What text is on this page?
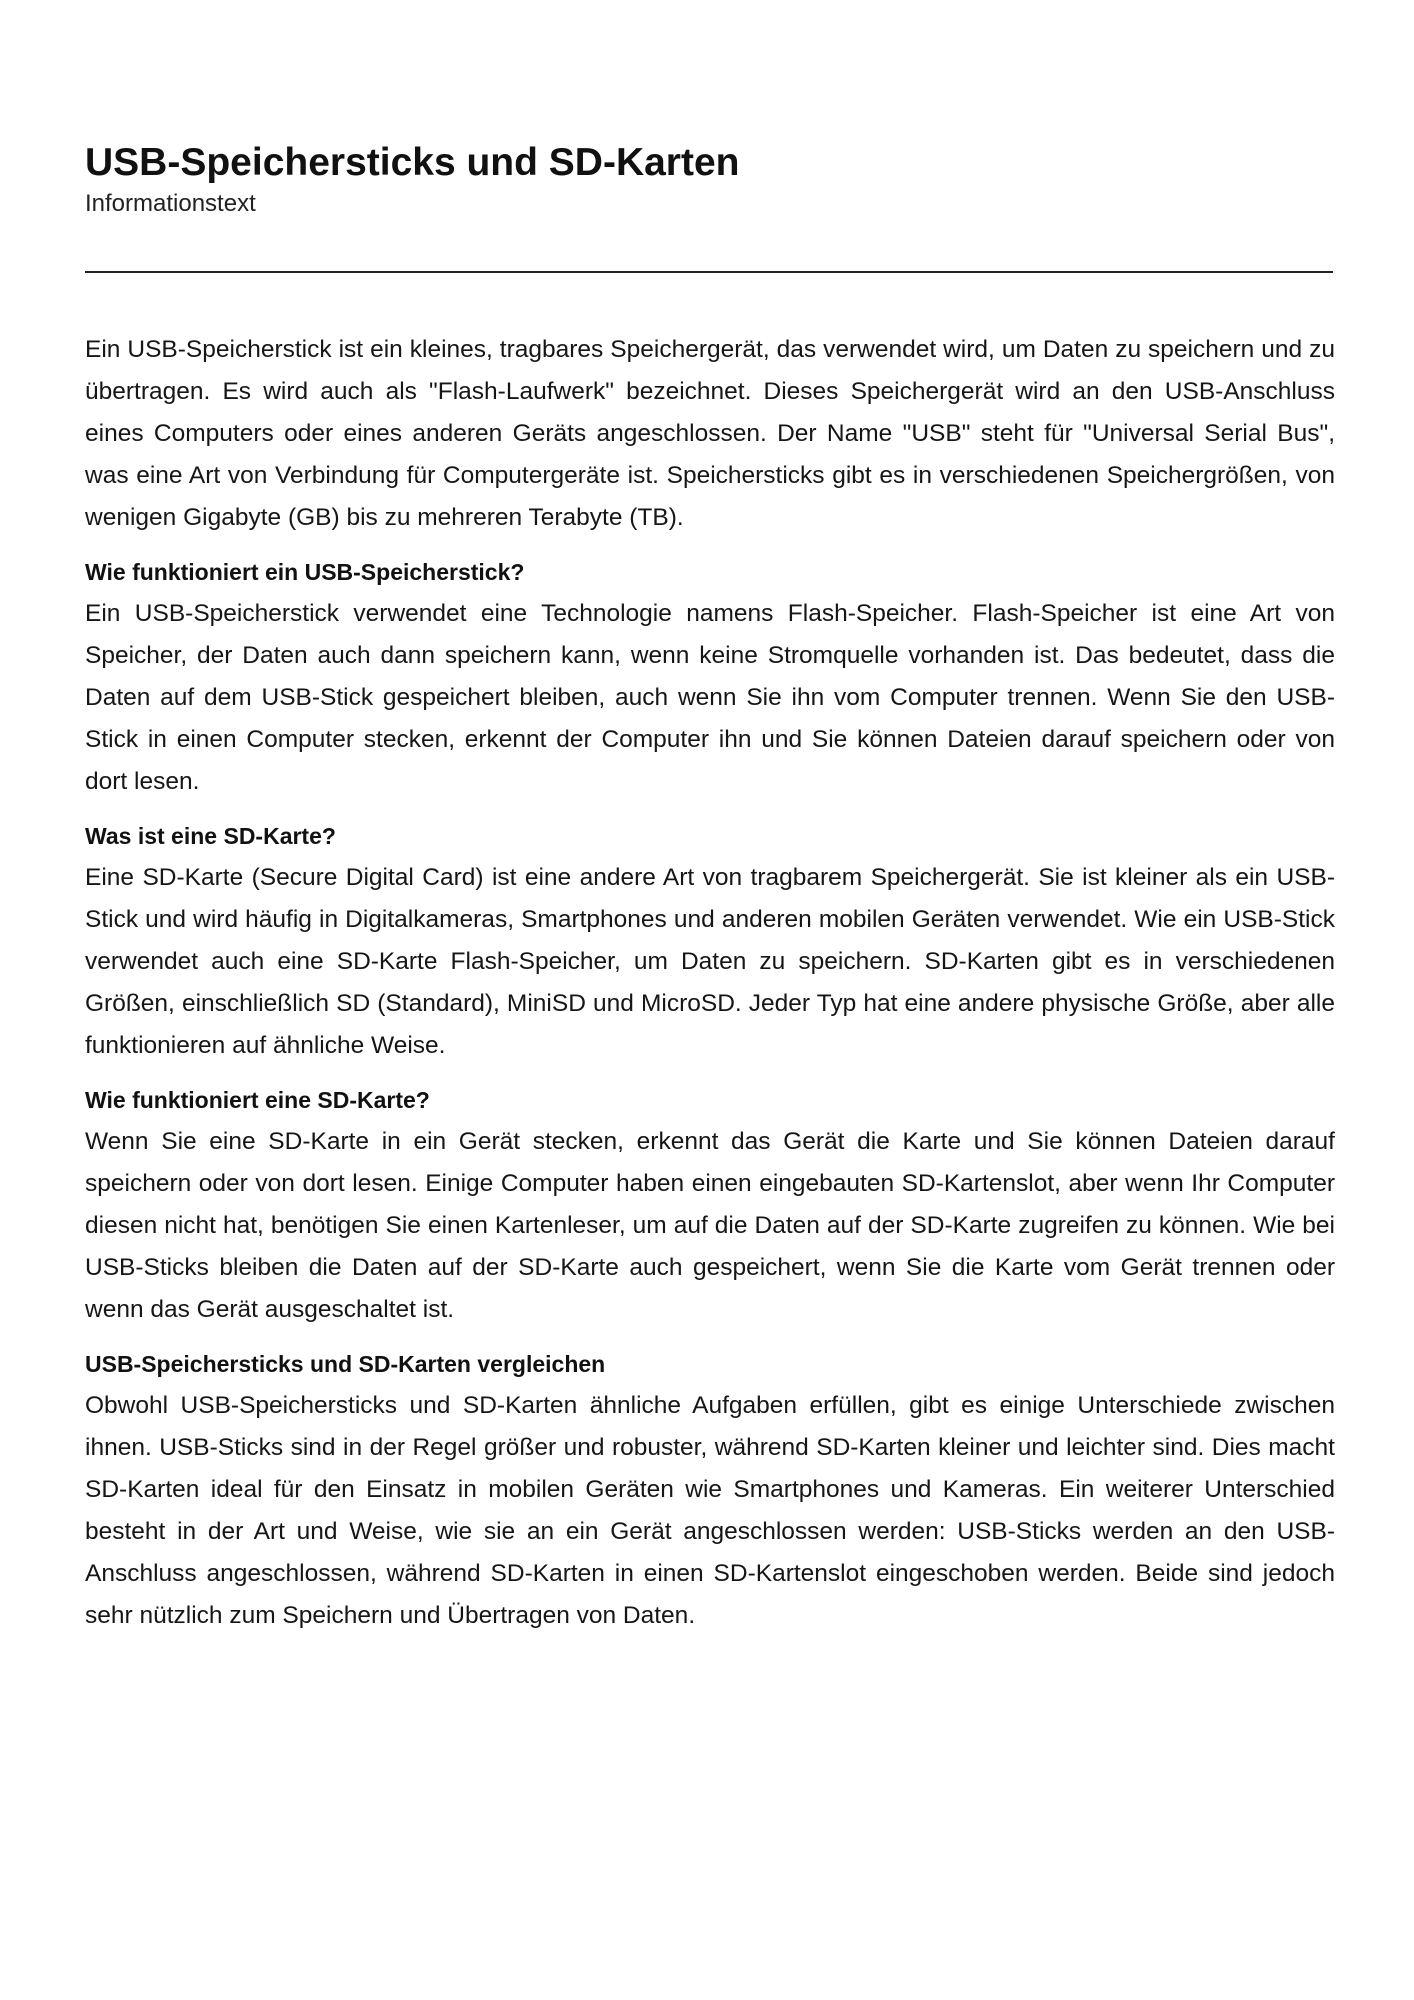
USB-Speichersticks und SD-Karten
Informationstext

Ein USB-Speicherstick ist ein kleines, tragbares Speichergerät, das verwendet wird, um Daten zu speichern und zu übertragen. Es wird auch als "Flash-Laufwerk" bezeichnet. Dieses Speichergerät wird an den USB-Anschluss eines Computers oder eines anderen Geräts angeschlossen. Der Name "USB" steht für "Universal Serial Bus", was eine Art von Verbindung für Computergeräte ist. Speichersticks gibt es in verschiedenen Speichergrößen, von wenigen Gigabyte (GB) bis zu mehreren Terabyte (TB).

Wie funktioniert ein USB-Speicherstick?

Ein USB-Speicherstick verwendet eine Technologie namens Flash-Speicher. Flash-Speicher ist eine Art von Speicher, der Daten auch dann speichern kann, wenn keine Stromquelle vorhanden ist. Das bedeutet, dass die Daten auf dem USB-Stick gespeichert bleiben, auch wenn Sie ihn vom Computer trennen. Wenn Sie den USB-Stick in einen Computer stecken, erkennt der Computer ihn und Sie können Dateien darauf speichern oder von dort lesen.

Was ist eine SD-Karte?

Eine SD-Karte (Secure Digital Card) ist eine andere Art von tragbarem Speichergerät. Sie ist kleiner als ein USB-Stick und wird häufig in Digitalkameras, Smartphones und anderen mobilen Geräten verwendet. Wie ein USB-Stick verwendet auch eine SD-Karte Flash-Speicher, um Daten zu speichern. SD-Karten gibt es in verschiedenen Größen, einschließlich SD (Standard), MiniSD und MicroSD. Jeder Typ hat eine andere physische Größe, aber alle funktionieren auf ähnliche Weise.

Wie funktioniert eine SD-Karte?

Wenn Sie eine SD-Karte in ein Gerät stecken, erkennt das Gerät die Karte und Sie können Dateien darauf speichern oder von dort lesen. Einige Computer haben einen eingebauten SD-Kartenslot, aber wenn Ihr Computer diesen nicht hat, benötigen Sie einen Kartenleser, um auf die Daten auf der SD-Karte zugreifen zu können. Wie bei USB-Sticks bleiben die Daten auf der SD-Karte auch gespeichert, wenn Sie die Karte vom Gerät trennen oder wenn das Gerät ausgeschaltet ist.

USB-Speichersticks und SD-Karten vergleichen

Obwohl USB-Speichersticks und SD-Karten ähnliche Aufgaben erfüllen, gibt es einige Unterschiede zwischen ihnen. USB-Sticks sind in der Regel größer und robuster, während SD-Karten kleiner und leichter sind. Dies macht SD-Karten ideal für den Einsatz in mobilen Geräten wie Smartphones und Kameras. Ein weiterer Unterschied besteht in der Art und Weise, wie sie an ein Gerät angeschlossen werden: USB-Sticks werden an den USB-Anschluss angeschlossen, während SD-Karten in einen SD-Kartenslot eingeschoben werden. Beide sind jedoch sehr nützlich zum Speichern und Übertragen von Daten.
